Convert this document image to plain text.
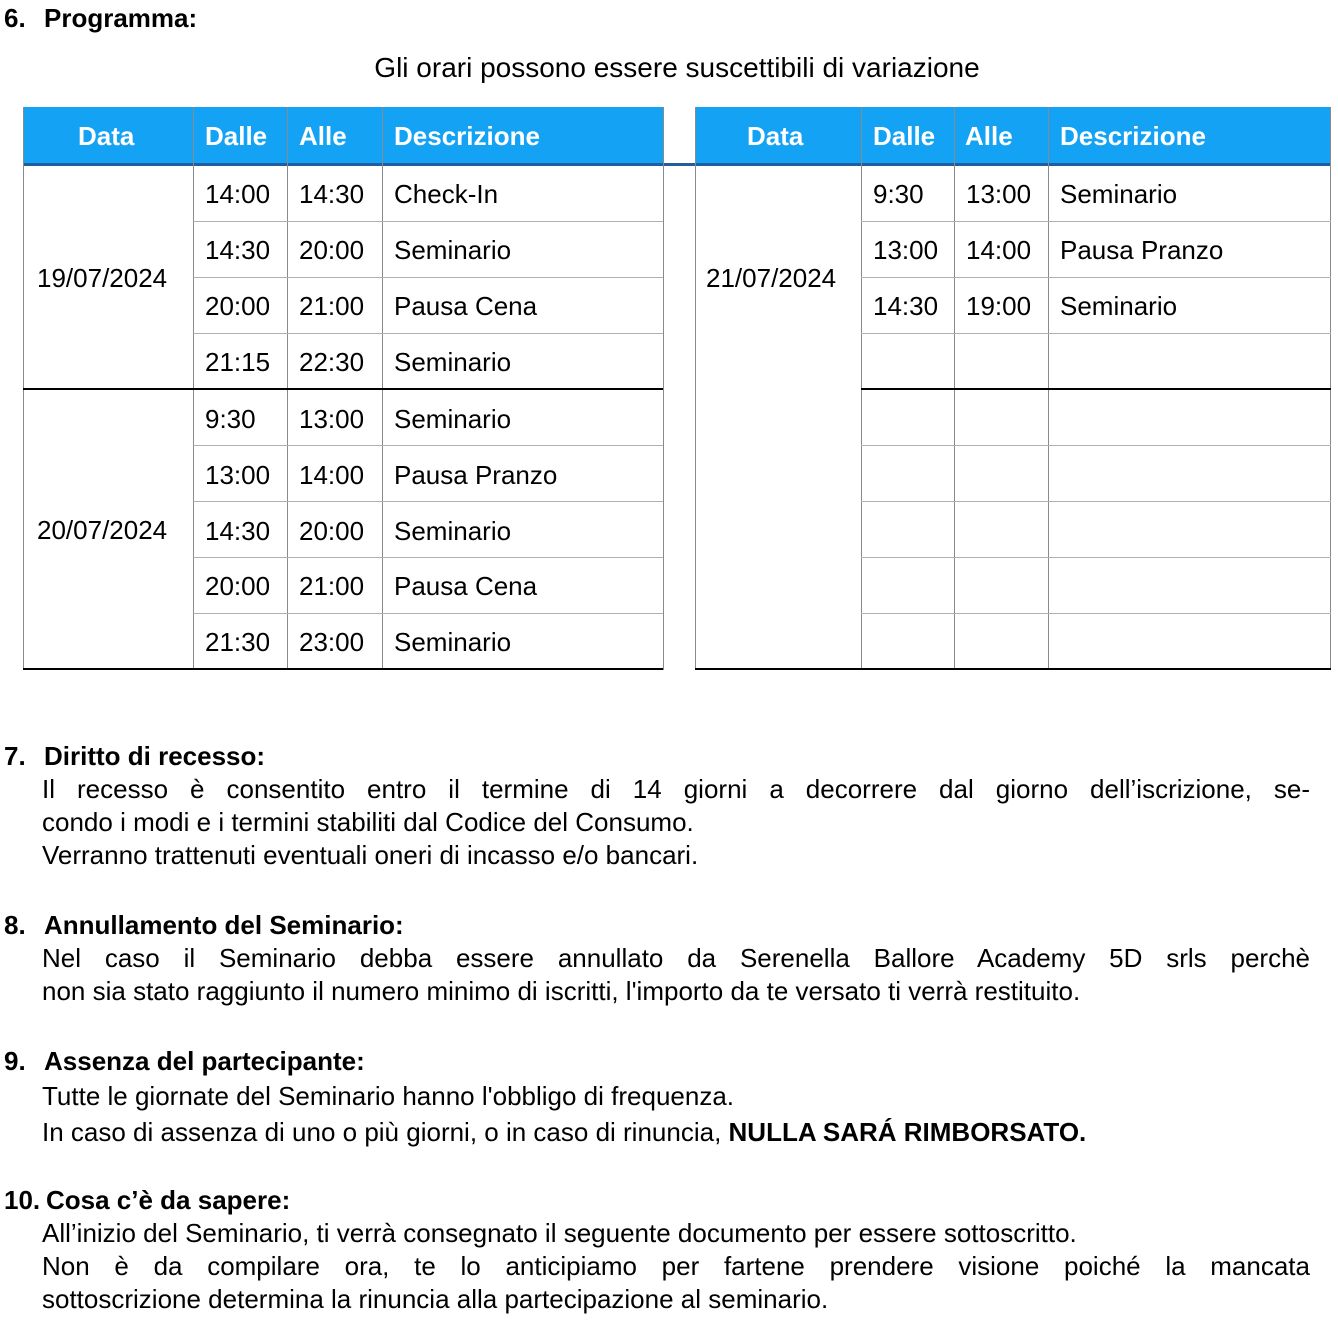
6. Programma:
Gli orari possono essere suscettibili di variazione
Data	Dalle Alle Descrizione	Data	Dalle Alle Descrizione
19/07/2024
14:00 14:30 Check-In
14:30 20:00 Seminario
20:00 21:00 Pausa Cena
21:15 22:30 Seminario
20/07/2024
9:30 13:00 Seminario
13:00 14:00 Pausa Pranzo
14:30 20:00 Seminario
20:00 21:00 Pausa Cena
21:30 23:00 Seminario
21/07/2024
9:30 13:00 Seminario
13:00 14:00 Pausa Pranzo
14:30 19:00 Seminario
7. Diritto di recesso:
Il recesso è consentito entro il termine di 14 giorni a decorrere dal giorno dell’iscrizione, se-
condo i modi e i termini stabiliti dal Codice del Consumo.
Verranno trattenuti eventuali oneri di incasso e/o bancari.
8. Annullamento del Seminario:
Nel caso il Seminario debba essere annullato da Serenella Ballore Academy 5D srls perchè
non sia stato raggiunto il numero minimo di iscritti, l'importo da te versato ti verrà restituito.
9. Assenza del partecipante:
Tutte le giornate del Seminario hanno l'obbligo di frequenza.
In caso di assenza di uno o più giorni, o in caso di rinuncia, NULLA SARÁ RIMBORSATO.
10. Cosa c’è da sapere:
All’inizio del Seminario, ti verrà consegnato il seguente documento per essere sottoscritto.
Non è da compilare ora, te lo anticipiamo per fartene prendere visione poiché la mancata
sottoscrizione determina la rinuncia alla partecipazione al seminario.
